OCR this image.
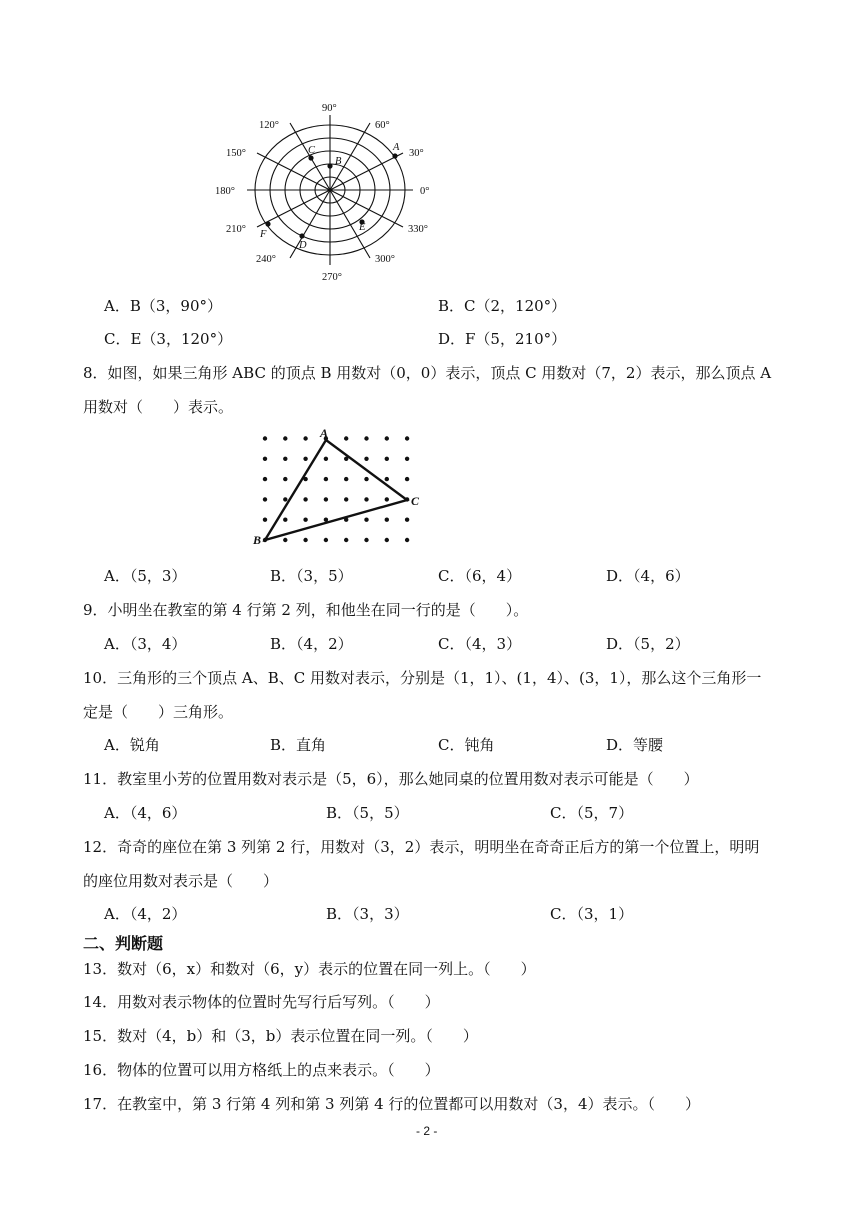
90°
60°
30°
0°
330°
300°
270°
240°
210°
180°
150°
120°
A
B
C
D
E
F
A．B（3，90°）	B．C（2，120°）
C．E（3，120°）	D．F（5，210°）
8．如图，如果三角形 ABC 的顶点 B 用数对（0，0）表示，顶点 C 用数对（7，2）表示，那么顶点 A
用数对（　　）表示。
A
B
C
A．（5，3）	B．（3，5）	C．（6，4）	D．（4，6）
9．小明坐在教室的第 4 行第 2 列，和他坐在同一行的是（　　）。
A．（3，4）	B．（4，2）	C．（4，3）	D．（5，2）
10．三角形的三个顶点 A、B、C 用数对表示，分别是（1，1）、(1，4）、(3，1），那么这个三角形一
定是（　　）三角形。
A．锐角	B．直角	C．钝角	D．等腰
11．教室里小芳的位置用数对表示是（5，6），那么她同桌的位置用数对表示可能是（　　）
A．（4，6）	B．（5，5）	C．（5，7）
12．奇奇的座位在第 3 列第 2 行，用数对（3，2）表示，明明坐在奇奇正后方的第一个位置上，明明
的座位用数对表示是（　　）
A．（4，2）	B．（3，3）	C．（3，1）
二、判断题
13．数对（6，x）和数对（6，y）表示的位置在同一列上。（　　）
14．用数对表示物体的位置时先写行后写列。（　　）
15．数对（4，b）和（3，b）表示位置在同一列。（　　）
16．物体的位置可以用方格纸上的点来表示。（　　）
17．在教室中，第 3 行第 4 列和第 3 列第 4 行的位置都可以用数对（3，4）表示。（　　）
- 2 -
